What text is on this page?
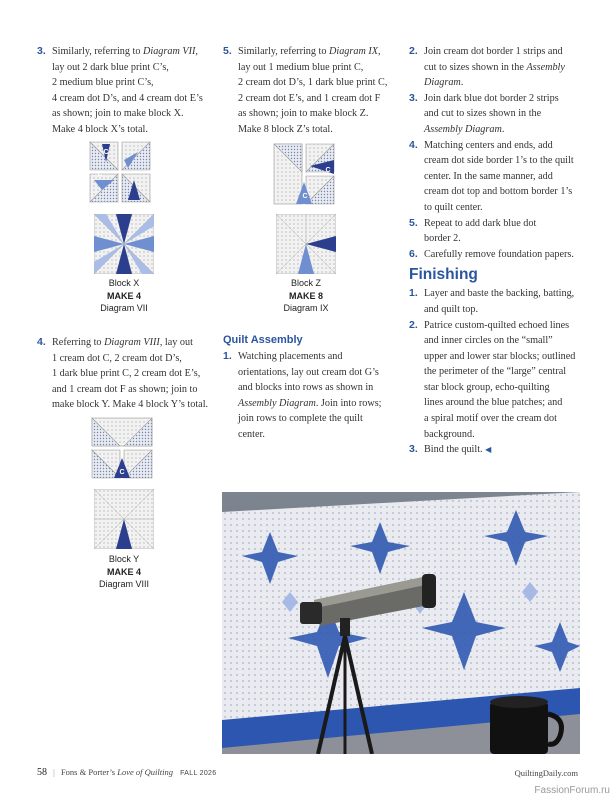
3. Similarly, referring to Diagram VII,
lay out 2 dark blue print C’s,
2 medium blue print C’s,
4 cream dot D’s, and 4 cream dot E’s
as shown; join to make block X.
Make 4 block X’s total.
C
C
Block X
MAKE 4
Diagram VII
4. Referring to Diagram VIII, lay out
1 cream dot C, 2 cream dot D’s,
1 dark blue print C, 2 cream dot E’s,
and 1 cream dot F as shown; join to
make block Y. Make 4 block Y’s total.
C
Block Y
MAKE 4
Diagram VIII
5. Similarly, referring to Diagram IX,
lay out 1 medium blue print C,
2 cream dot D’s, 1 dark blue print C,
2 cream dot E’s, and 1 cream dot F
as shown; join to make block Z.
Make 8 block Z’s total.
C
C
Block Z
MAKE 8
Diagram IX
Quilt Assembly
1. Watching placements and
orientations, lay out cream dot G’s
and blocks into rows as shown in
Assembly Diagram. Join into rows;
join rows to complete the quilt
center.
2. Join cream dot border 1 strips and
cut to sizes shown in the Assembly
Diagram.
3. Join dark blue dot border 2 strips
and cut to sizes shown in the
Assembly Diagram.
4. Matching centers and ends, add
cream dot side border 1’s to the quilt
center. In the same manner, add
cream dot top and bottom border 1’s
to quilt center.
5. Repeat to add dark blue dot
border 2.
6. Carefully remove foundation papers.
Finishing
1. Layer and baste the backing, batting,
and quilt top.
2. Patrice custom-quilted echoed lines
and inner circles on the “small”
upper and lower star blocks; outlined
the perimeter of the “large” central
star block group, echo-quilting
lines around the blue patches; and
a spiral motif over the cream dot
background.
3. Bind the quilt. ◀
58 | Fons & Porter’s Love of Quilting FALL 2026	QuiltingDaily.com
FassionForum.ru
